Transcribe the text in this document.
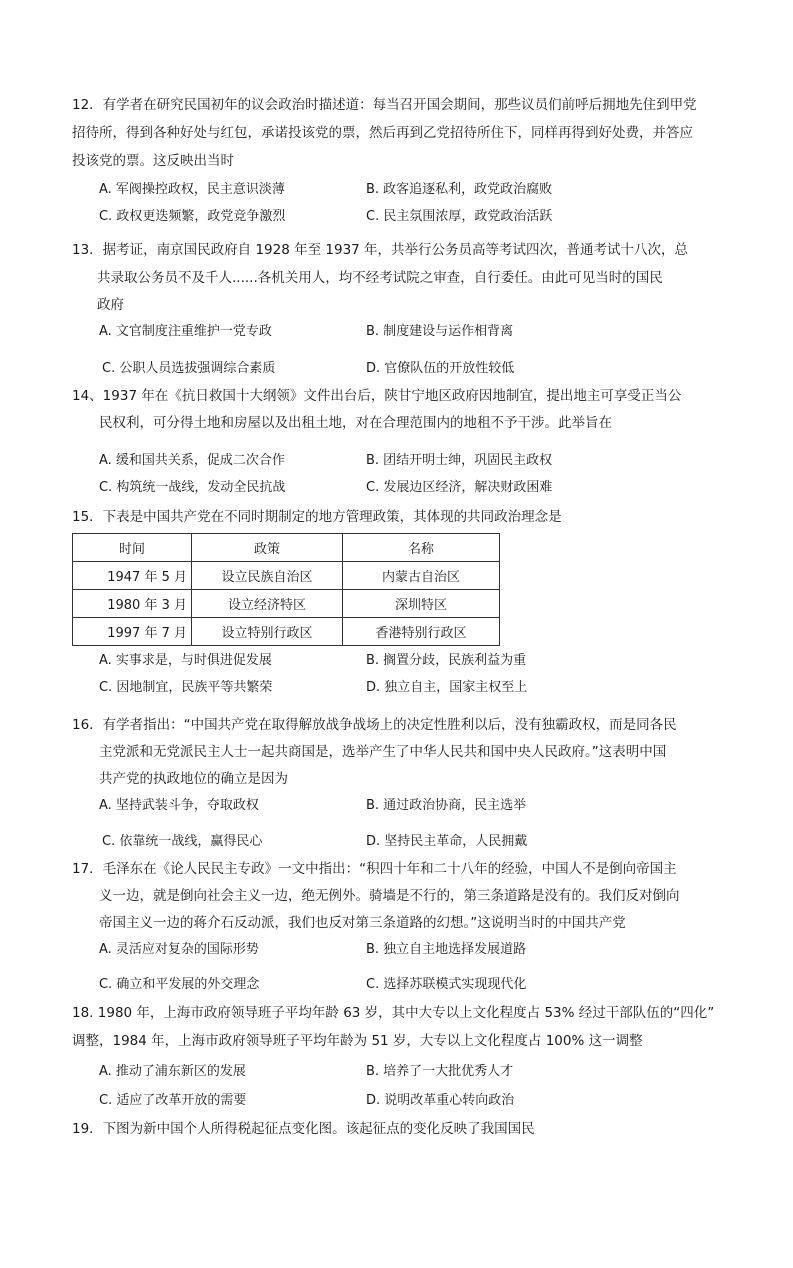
12．有学者在研究民国初年的议会政治时描述道：每当召开国会期间，那些议员们前呼后拥地先住到甲党
招待所，得到各种好处与红包，承诺投该党的票，然后再到乙党招待所住下，同样再得到好处费，并答应
投该党的票。这反映出当时
A. 军阀操控政权，民主意识淡薄	B. 政客追逐私利，政党政治腐败
C. 政权更迭频繁，政党竞争激烈	C. 民主氛围浓厚，政党政治活跃
13．据考证，南京国民政府自 1928 年至 1937 年，共举行公务员高等考试四次，普通考试十八次，总
共录取公务员不及千人......各机关用人，均不经考试院之审查，自行委任。由此可见当时的国民
政府
A. 文官制度注重维护一党专政	B. 制度建设与运作相背离
C. 公职人员选拔强调综合素质	D. 官僚队伍的开放性较低
14、1937 年在《抗日救国十大纲领》文件出台后，陕甘宁地区政府因地制宜，提出地主可享受正当公
民权利，可分得土地和房屋以及出租土地，对在合理范围内的地租不予干涉。此举旨在
A. 缓和国共关系，促成二次合作	B. 团结开明士绅，巩固民主政权
C. 构筑统一战线，发动全民抗战	C. 发展边区经济，解决财政困难
15．下表是中国共产党在不同时期制定的地方管理政策，其体现的共同政治理念是
时间	政策	名称
1947 年 5 月	设立民族自治区	内蒙古自治区
1980 年 3 月	设立经济特区	深圳特区
1997 年 7 月	设立特别行政区	香港特别行政区
A. 实事求是，与时俱进促发展	B. 搁置分歧，民族利益为重
C. 因地制宜，民族平等共繁荣	D. 独立自主，国家主权至上
16．有学者指出：“中国共产党在取得解放战争战场上的决定性胜利以后，没有独霸政权，而是同各民
主党派和无党派民主人士一起共商国是，选举产生了中华人民共和国中央人民政府。”这表明中国
共产党的执政地位的确立是因为
A. 坚持武装斗争，夺取政权	B. 通过政治协商，民主选举
C. 依靠统一战线，赢得民心	D. 坚持民主革命，人民拥戴
17．毛泽东在《论人民民主专政》一文中指出：“积四十年和二十八年的经验，中国人不是倒向帝国主
义一边，就是倒向社会主义一边，绝无例外。骑墙是不行的，第三条道路是没有的。我们反对倒向
帝国主义一边的蒋介石反动派，我们也反对第三条道路的幻想。”这说明当时的中国共产党
A. 灵活应对复杂的国际形势	B. 独立自主地选择发展道路
C. 确立和平发展的外交理念	C. 选择苏联模式实现现代化
18. 1980 年，上海市政府领导班子平均年龄 63 岁，其中大专以上文化程度占 53% 经过干部队伍的“四化”
调整，1984 年，上海市政府领导班子平均年龄为 51 岁，大专以上文化程度占 100% 这一调整
A. 推动了浦东新区的发展	B. 培养了一大批优秀人才
C. 适应了改革开放的需要	D. 说明改革重心转向政治
19．下图为新中国个人所得税起征点变化图。该起征点的变化反映了我国国民
